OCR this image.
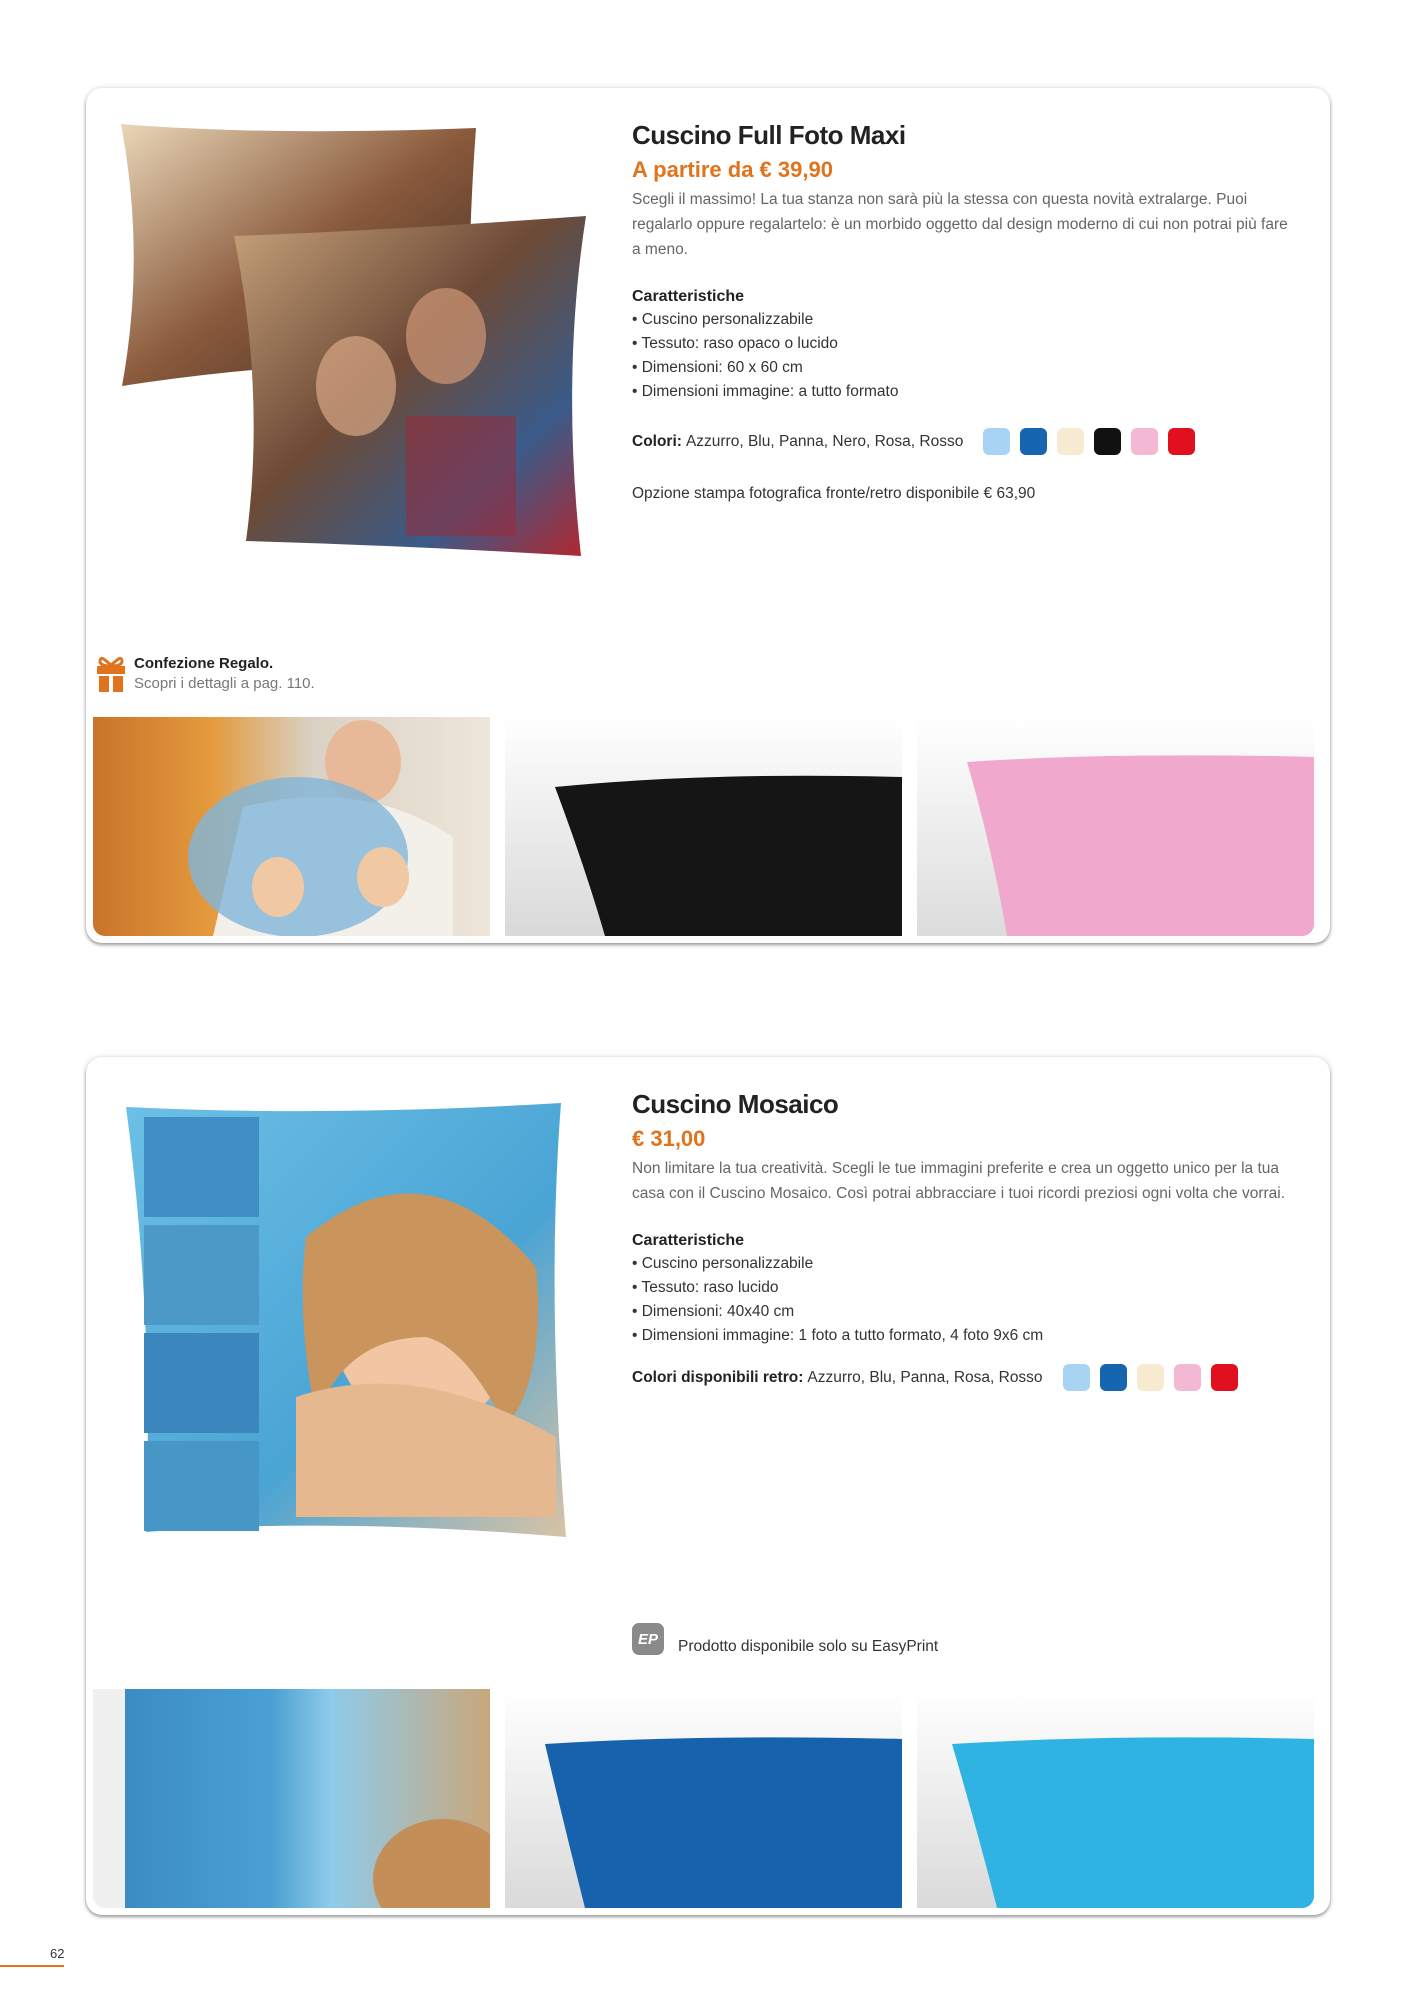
Cuscino Full Foto Maxi
A partire da € 39,90

Scegli il massimo! La tua stanza non sarà più la stessa con questa novità extralarge. Puoi regalarlo oppure regalartelo: è un morbido oggetto dal design moderno di cui non potrai più fare a meno.

Caratteristiche
• Cuscino personalizzabile
• Tessuto: raso opaco o lucido
• Dimensioni: 60 x 60 cm
• Dimensioni immagine: a tutto formato
Colori: Azzurro, Blu, Panna, Nero, Rosa, Rosso
Opzione stampa fotografica fronte/retro disponibile € 63,90
Confezione Regalo.
Scopri i dettagli a pag. 110.
Cuscino Mosaico
€ 31,00

Non limitare la tua creatività. Scegli le tue immagini preferite e crea un oggetto unico per la tua casa con il Cuscino Mosaico. Così potrai abbracciare i tuoi ricordi preziosi ogni volta che vorrai.

Caratteristiche
• Cuscino personalizzabile
• Tessuto: raso lucido
• Dimensioni: 40x40 cm
• Dimensioni immagine: 1 foto a tutto formato, 4 foto 9x6 cm
Colori disponibili retro: Azzurro, Blu, Panna, Rosa, Rosso
EP	Prodotto disponibile solo su EasyPrint
62
